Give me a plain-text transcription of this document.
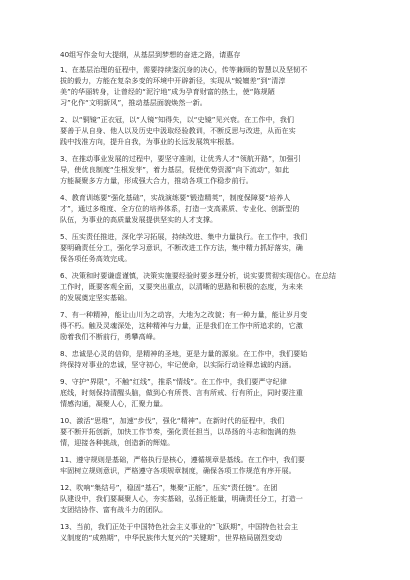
40组写作金句大提纲，从基层到梦想的奋进之路，请惠存
1、在基层治理的征程中，需要持续鉴沉身的决心，传等兼顾的智慧以及坚韧不
拔的毅力，方能在复杂多变的环境中开辟新径，实现从“蜕嬗差”到“清淳
美”的华丽转身，让曾经的“泥泞地”成为孕育财富的热土，使“陈规陋
习”化作“文明新风”，推动基层面貌焕然一新。
2、以“铜镜”正衣冠，以“人镜”知得失，以“史镜”见兴衰。在工作中，我们
要善于从自身、他人以及历史中汲取经验教训，不断反思与改进，从而在实
践中找准方向，提升自我，为事业的长远发展筑牢根基。
3、在推动事业发展的过程中，要坚守准则，让优秀人才“领航开路”，加强引
导，使优良制度“生根发芽”，着力基层，促使优势资源“向下流动”，如此
方能凝聚多方力量，形成强大合力，推动各项工作稳步前行。
4、教育训练要“强化基础”，实战演练要“锻造精英”，制度保障要“培养人
才”，通过多维度、全方位的培养体系，打造一支高素质、专业化、创新型的
队伍，为事业的高质量发展提供坚实的人才支撑。
5、压实责任推进，深化学习拓展，持续改进、集中力量执行。在工作中，我们
要明确责任分工，强化学习意识，不断改进工作方法，集中精力抓好落实，确
保各项任务高效完成。
6、决策和时要谦虚谨慎，决策实施要经验时要多理分析，说实要贯彻实现信心。在总结
工作时，既要客观全面，又要突出重点，以清晰的思路和积极的态度，为未来
的发展奠定坚实基础。
7、有一种精神，能让山川为之动容，大地为之改貌；有一种力量，能让岁月变
得不朽。触及灵魂深处，这种精神与力量，正是我们在工作中所追求的，它激
励着我们不断前行，勇攀高峰。
8、忠诚是心灵的信仰，是精神的圣地，更是力量的源泉。在工作中，我们要始
终保持对事业的忠诚，坚守初心，牢记使命，以实际行动诠释忠诚的内涵。
9、守护“界限”，不触“红线”，推系“情线”。在工作中，我们要严守纪律
底线，时刻保持清醒头脑，做到心有所畏、言有所戒、行有所止，同时要注重
情感沟通，凝聚人心，汇聚力量。
10、激活“思维”，加速“步伐”，强化“精神”。在新时代的征程中，我们
要不断开拓创新，加快工作节奏，强化责任担当，以昂扬的斗志和饱满的热
情，迎接各种挑战，创造新的辉煌。
11、遵守规则是基础，严格执行是核心，遵循规章是基线。在工作中，我们要
牢固树立规则意识，严格遵守各项规章制度，确保各项工作规范有序开展。
12、吹响“集结号”，稳固“基石”，集聚“正能”，压实“责任链”。在团
队建设中，我们要凝聚人心，夯实基础，弘扬正能量，明确责任分工，打造一
支团结协作、富有战斗力的团队。
13、当前，我们正处于中国特色社会主义事业的“飞跃期”，中国特色社会主
义制度的“成熟期”，中华民族伟大复兴的“关键期”，世界格局剧烈变动
